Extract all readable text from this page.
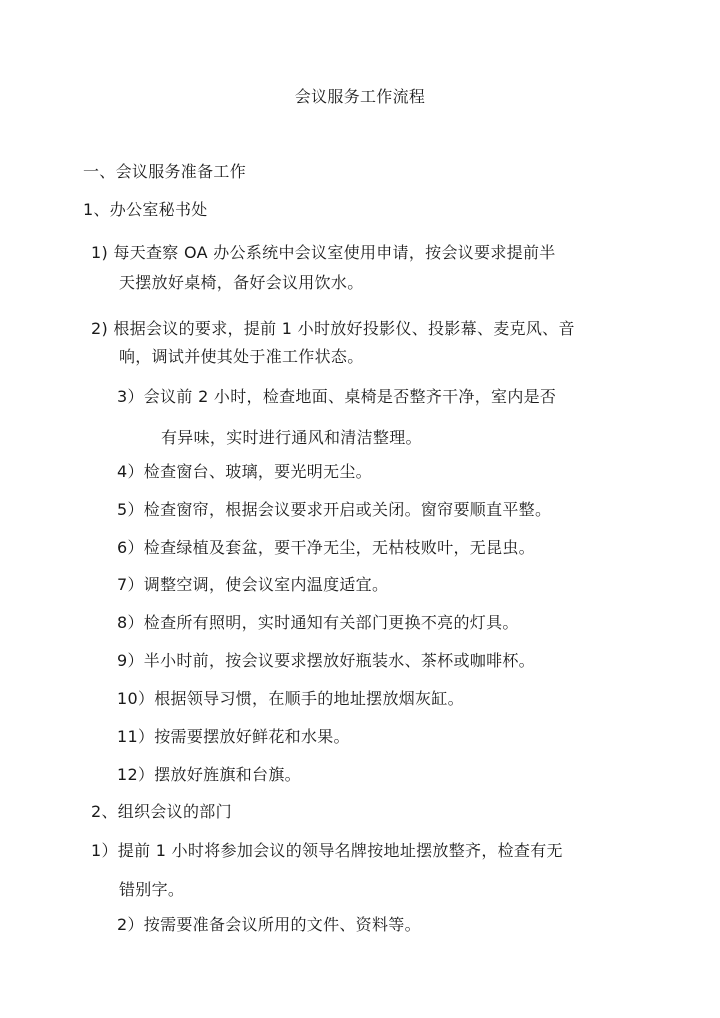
会议服务工作流程
一、会议服务准备工作
1、办公室秘书处
1) 每天查察 OA 办公系统中会议室使用申请，按会议要求提前半
天摆放好桌椅，备好会议用饮水。
2) 根据会议的要求，提前 1 小时放好投影仪、投影幕、麦克风、音
响，调试并使其处于准工作状态。
3）会议前 2 小时，检查地面、桌椅是否整齐干净，室内是否
有异味，实时进行通风和清洁整理。
4）检查窗台、玻璃，要光明无尘。
5）检查窗帘，根据会议要求开启或关闭。窗帘要顺直平整。
6）检查绿植及套盆，要干净无尘，无枯枝败叶，无昆虫。
7）调整空调，使会议室内温度适宜。
8）检查所有照明，实时通知有关部门更换不亮的灯具。
9）半小时前，按会议要求摆放好瓶装水、茶杯或咖啡杯。
10）根据领导习惯，在顺手的地址摆放烟灰缸。
11）按需要摆放好鲜花和水果。
12）摆放好旌旗和台旗。
2、组织会议的部门
1）提前 1 小时将参加会议的领导名牌按地址摆放整齐，检查有无
错别字。
2）按需要准备会议所用的文件、资料等。
